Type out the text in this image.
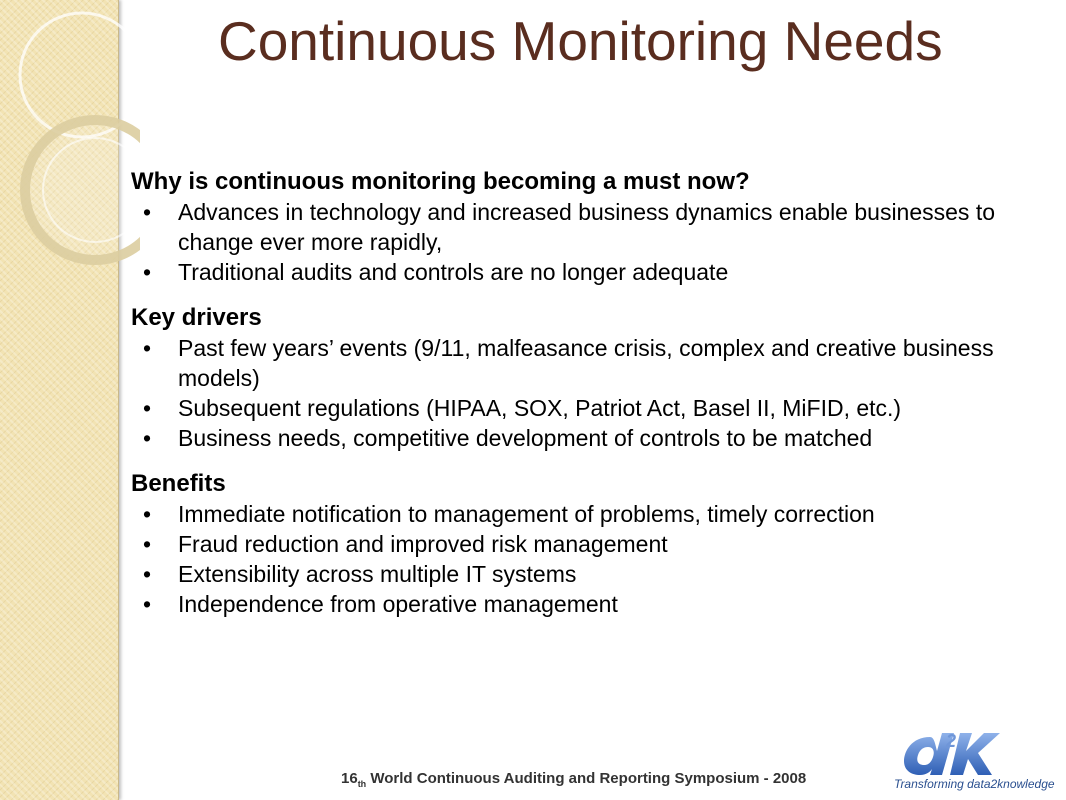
Continuous Monitoring Needs
Why is continuous monitoring becoming a must now?
• Advances in technology and increased business dynamics enable businesses to change ever more rapidly,
• Traditional audits and controls are no longer adequate
Key drivers
• Past few years’ events (9/11, malfeasance crisis, complex and creative business models)
• Subsequent regulations (HIPAA, SOX, Patriot Act, Basel II, MiFID, etc.)
• Business needs, competitive development of controls to be matched
Benefits
• Immediate notification to management of problems, timely correction
• Fraud reduction and improved risk management
• Extensibility across multiple IT systems
• Independence from operative management
$16_{th}$ World Continuous Auditing and Reporting Symposium - 2008
2
Transforming data2knowledge
